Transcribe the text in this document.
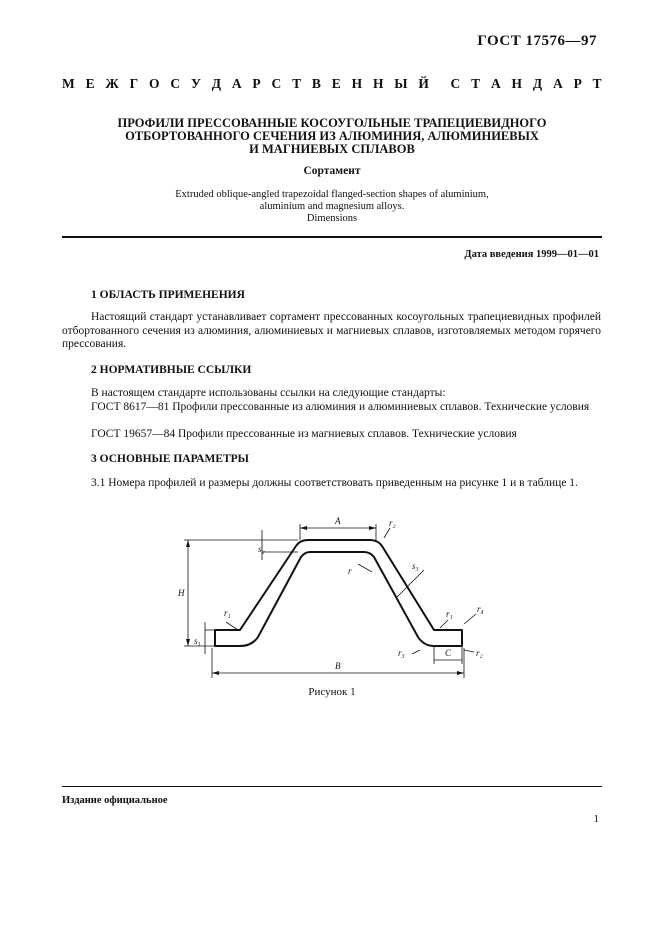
ГОСТ 17576—97
М Е Ж Г О С У Д А Р С Т В Е Н Н Ы Й С Т А Н Д А Р Т
ПРОФИЛИ ПРЕССОВАННЫЕ КОСОУГОЛЬНЫЕ ТРАПЕЦИЕВИДНОГО
ОТБОРТОВАННОГО СЕЧЕНИЯ ИЗ АЛЮМИНИЯ, АЛЮМИНИЕВЫХ
И МАГНИЕВЫХ СПЛАВОВ
Сортамент
Extruded oblique-angled trapezoidal flanged-section shapes of aluminium,
aluminium and magnesium alloys.
Dimensions
Дата введения 1999—01—01
1 ОБЛАСТЬ ПРИМЕНЕНИЯ
Настоящий стандарт устанавливает сортамент прессованных косоугольных трапециевидных профилей отбортованного сечения из алюминия, алюминиевых и магниевых сплавов, изготовляемых методом горячего прессования.
2 НОРМАТИВНЫЕ ССЫЛКИ
В настоящем стандарте использованы ссылки на следующие стандарты:
ГОСТ 8617—81 Профили прессованные из алюминия и алюминиевых сплавов. Технические условия
ГОСТ 19657—84 Профили прессованные из магниевых сплавов. Технические условия
3 ОСНОВНЫЕ ПАРАМЕТРЫ
3.1 Номера профилей и размеры должны соответствовать приведенным на рисунке 1 и в таблице 1.
A
B
C
H
r
r₁	r₁
r₂
r₂
r₃
r₄
s₁
s₂
s₃
Рисунок 1
Издание официальное
1
